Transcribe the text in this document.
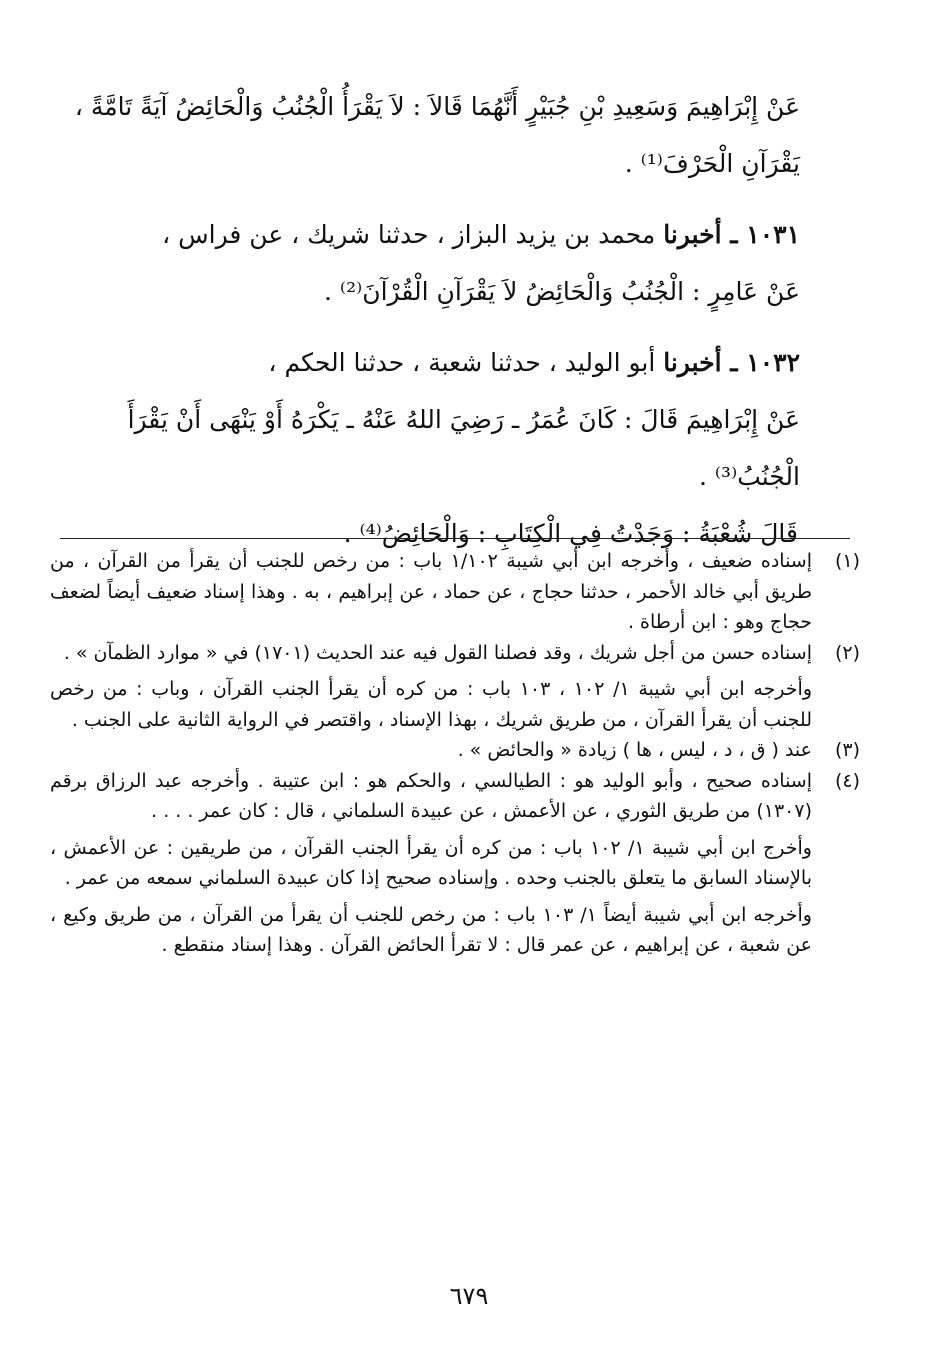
عَنْ إِبْرَاهِيمَ وَسَعِيدِ بْنِ جُبَيْرٍ أَنَّهُمَا قَالاَ : لاَ يَقْرَأُ الْجُنُبُ وَالْحَائِضُ آيَةً تَامَّةً ، يَقْرَآنِ الْحَرْفَ⁽¹⁾ .

١٠٣١ ـ أخبرنا محمد بن يزيد البزاز ، حدثنا شريك ، عن فراس ،

عَنْ عَامِرٍ : الْجُنُبُ وَالْحَائِضُ لاَ يَقْرَآنِ الْقُرْآنَ⁽²⁾ .

١٠٣٢ ـ أخبرنا أبو الوليد ، حدثنا شعبة ، حدثنا الحكم ،

عَنْ إِبْرَاهِيمَ قَالَ : كَانَ عُمَرُ ـ رَضِيَ اللهُ عَنْهُ ـ يَكْرَهُ أَوْ يَنْهَى أَنْ يَقْرَأَ الْجُنُبُ⁽³⁾ .

قَالَ شُعْبَةُ : وَجَدْتُ فِي الْكِتَابِ : وَالْحَائِضُ⁽⁴⁾ .

(١)

إسناده ضعيف ، وأخرجه ابن أبي شيبة ١/١٠٢ باب : من رخص للجنب أن يقرأ من القرآن ، من طريق أبي خالد الأحمر ، حدثنا حجاج ، عن حماد ، عن إبراهيم ، به . وهذا إسناد ضعيف أيضاً لضعف حجاج وهو : ابن أرطاة .

(٢)

إسناده حسن من أجل شريك ، وقد فصلنا القول فيه عند الحديث (١٧٠١) في « موارد الظمآن » .

وأخرجه ابن أبي شيبة ١/ ١٠٢ ، ١٠٣ باب : من كره أن يقرأ الجنب القرآن ، وباب : من رخص للجنب أن يقرأ القرآن ، من طريق شريك ، بهذا الإسناد ، واقتصر في الرواية الثانية على الجنب .

(٣)

عند ( ق ، د ، ليس ، ها ) زيادة « والحائض » .

(٤)

إسناده صحيح ، وأبو الوليد هو : الطيالسي ، والحكم هو : ابن عتيبة . وأخرجه عبد الرزاق برقم (١٣٠٧) من طريق الثوري ، عن الأعمش ، عن عبيدة السلماني ، قال : كان عمر . . . .

وأخرج ابن أبي شيبة ١/ ١٠٢ باب : من كره أن يقرأ الجنب القرآن ، من طريقين : عن الأعمش ، بالإسناد السابق ما يتعلق بالجنب وحده . وإسناده صحيح إذا كان عبيدة السلماني سمعه من عمر .

وأخرجه ابن أبي شيبة أيضاً ١/ ١٠٣ باب : من رخص للجنب أن يقرأ من القرآن ، من طريق وكيع ، عن شعبة ، عن إبراهيم ، عن عمر قال : لا تقرأ الحائض القرآن . وهذا إسناد منقطع .

٦٧٩
